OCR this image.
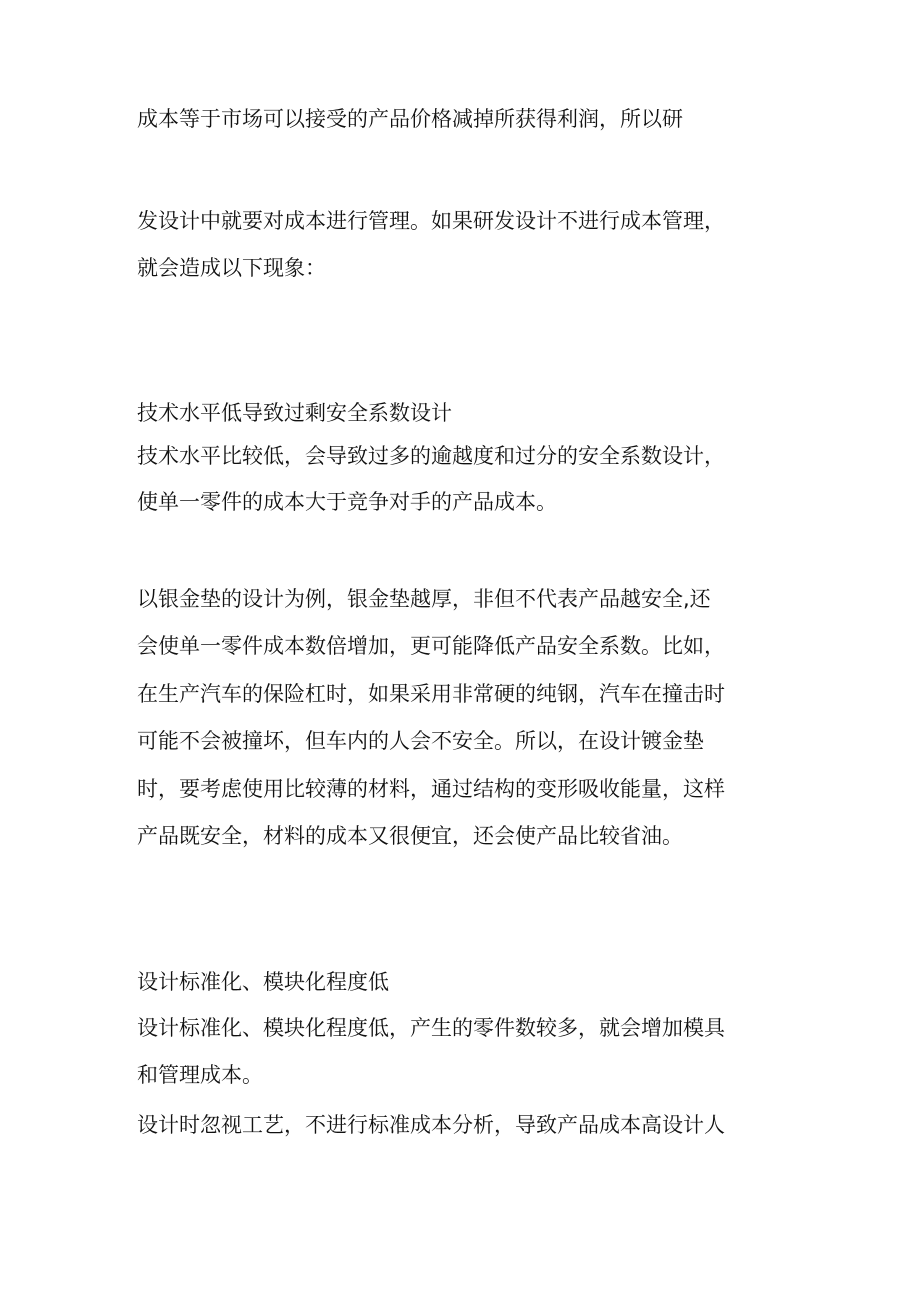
成本等于市场可以接受的产品价格减掉所获得利润，所以研
发设计中就要对成本进行管理。如果研发设计不进行成本管理，
就会造成以下现象：
技术水平低导致过剩安全系数设计
技术水平比较低，会导致过多的逾越度和过分的安全系数设计，
使单一零件的成本大于竞争对手的产品成本。
以银金垫的设计为例，银金垫越厚，非但不代表产品越安全,还
会使单一零件成本数倍增加，更可能降低产品安全系数。比如，
在生产汽车的保险杠时，如果采用非常硬的纯钢，汽车在撞击时
可能不会被撞坏，但车内的人会不安全。所以，在设计镀金垫
时，要考虑使用比较薄的材料，通过结构的变形吸收能量，这样
产品既安全，材料的成本又很便宜，还会使产品比较省油。
设计标准化、模块化程度低
设计标准化、模块化程度低，产生的零件数较多，就会增加模具
和管理成本。
设计时忽视工艺，不进行标准成本分析，导致产品成本高设计人
